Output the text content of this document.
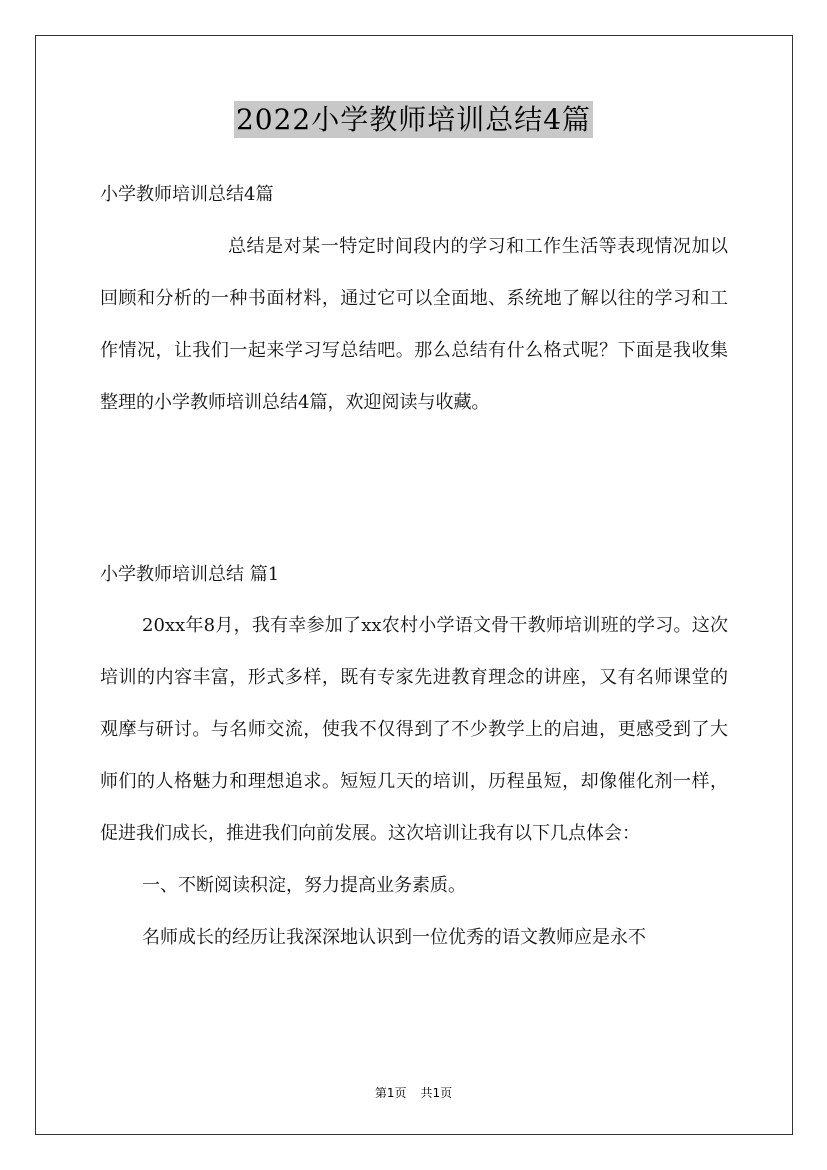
2022小学教师培训总结4篇

小学教师培训总结4篇

总结是对某一特定时间段内的学习和工作生活等表现情况加以回顾和分析的一种书面材料，通过它可以全面地、系统地了解以往的学习和工作情况，让我们一起来学习写总结吧。那么总结有什么格式呢？下面是我收集整理的小学教师培训总结4篇，欢迎阅读与收藏。

小学教师培训总结 篇1

20xx年8月，我有幸参加了xx农村小学语文骨干教师培训班的学习。这次培训的内容丰富，形式多样，既有专家先进教育理念的讲座，又有名师课堂的观摩与研讨。与名师交流，使我不仅得到了不少教学上的启迪，更感受到了大师们的人格魅力和理想追求。短短几天的培训，历程虽短，却像催化剂一样，促进我们成长，推进我们向前发展。这次培训让我有以下几点体会：

一、不断阅读积淀，努力提高业务素质。

名师成长的经历让我深深地认识到一位优秀的语文教师应是永不

第1页 共1页
